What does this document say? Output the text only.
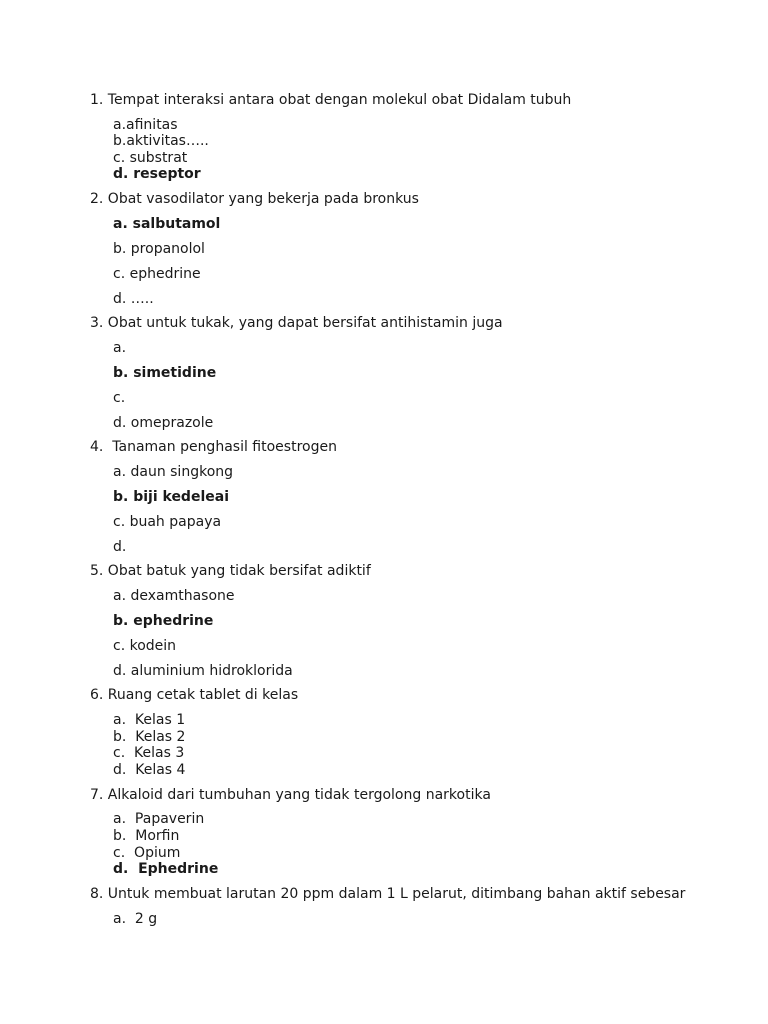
1. Tempat interaksi antara obat dengan molekul obat Didalam tubuh
a.afinitas
b.aktivitas…..
c. substrat
d. reseptor
2. Obat vasodilator yang bekerja pada bronkus
a. salbutamol
b. propanolol
c. ephedrine
d. …..
3. Obat untuk tukak, yang dapat bersifat antihistamin juga
a.
b. simetidine
c.
d. omeprazole
4.  Tanaman penghasil fitoestrogen
a. daun singkong
b. biji kedeleai
c. buah papaya
d.
5. Obat batuk yang tidak bersifat adiktif
a. dexamthasone
b. ephedrine
c. kodein
d. aluminium hidroklorida
6. Ruang cetak tablet di kelas
a.  Kelas 1
b.  Kelas 2
c.  Kelas 3
d.  Kelas 4
7. Alkaloid dari tumbuhan yang tidak tergolong narkotika
a.  Papaverin
b.  Morfin
c.  Opium
d.  Ephedrine
8. Untuk membuat larutan 20 ppm dalam 1 L pelarut, ditimbang bahan aktif sebesar
a.  2 g
